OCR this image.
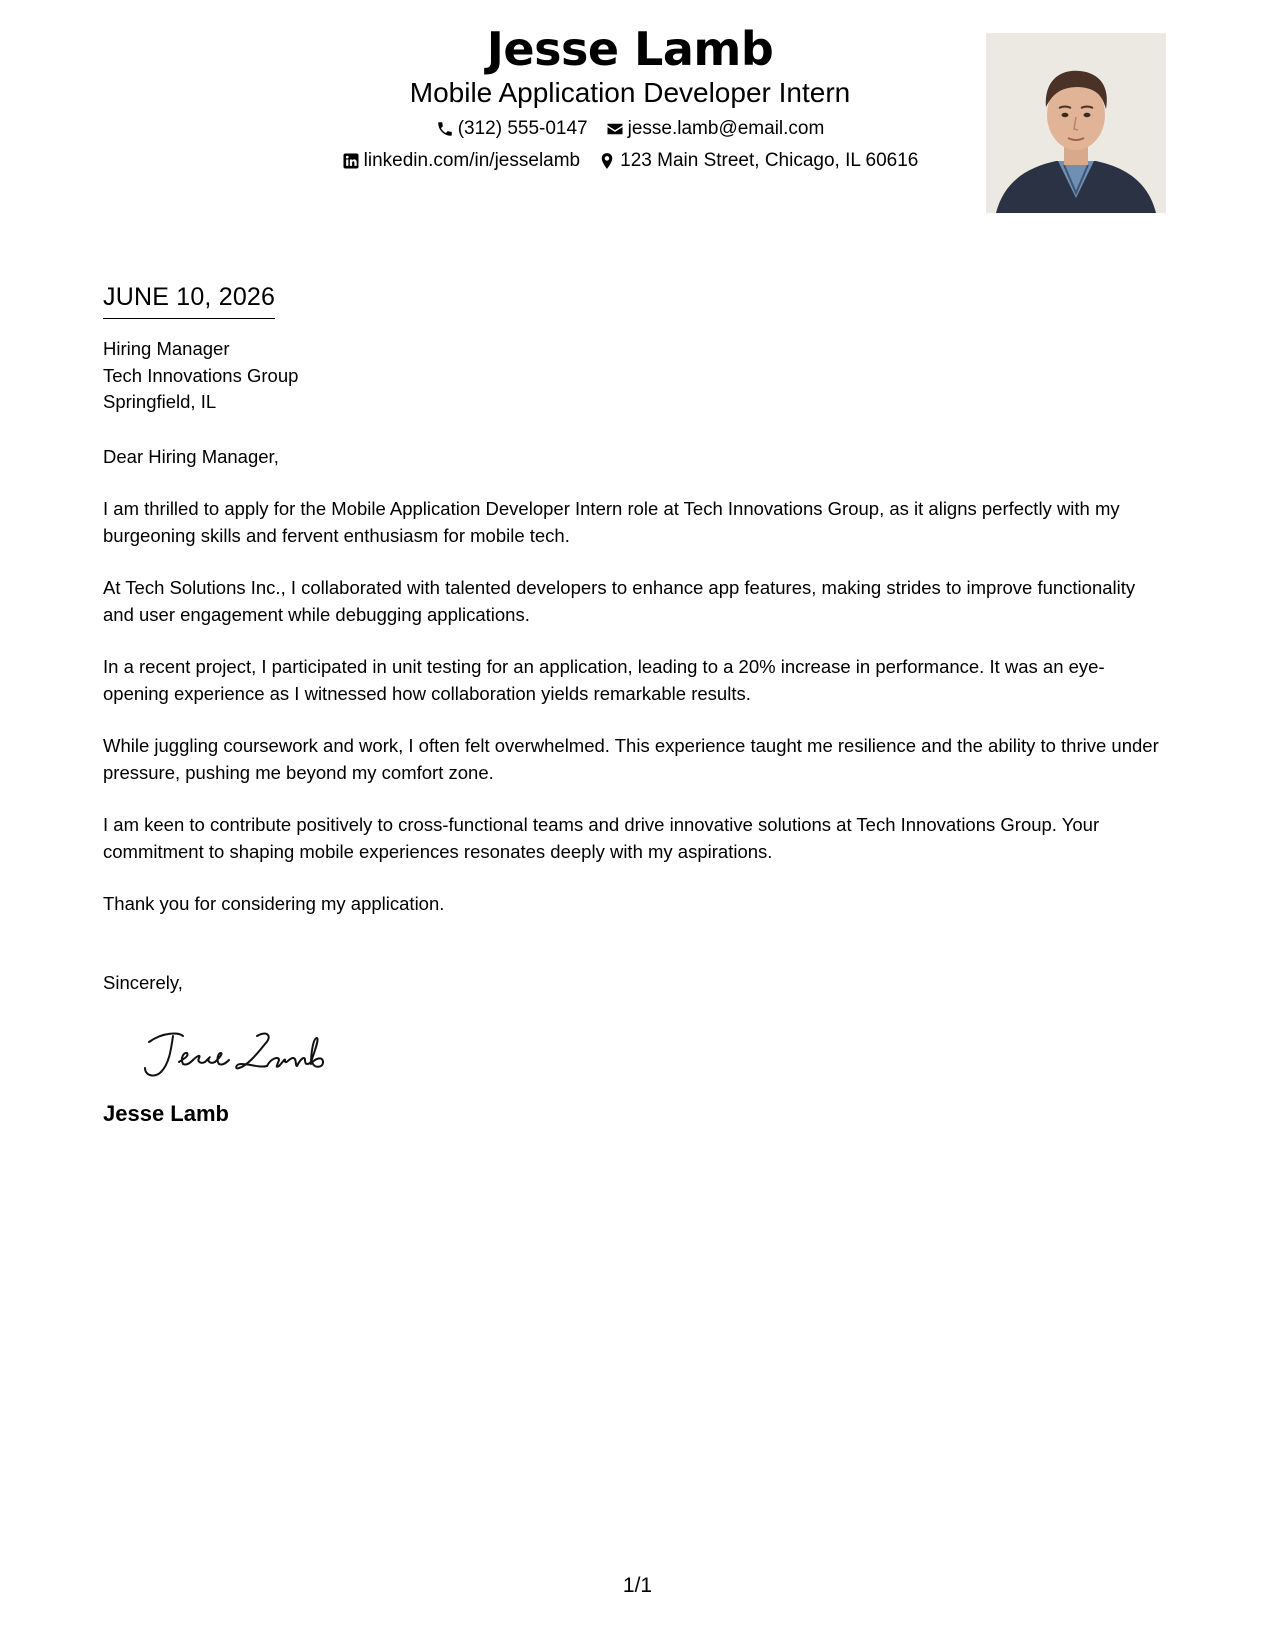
Jesse Lamb
Mobile Application Developer Intern
(312) 555-0147 jesse.lamb@email.com
linkedin.com/in/jesselamb 123 Main Street, Chicago, IL 60616
JUNE 10, 2026
Hiring Manager
Tech Innovations Group
Springfield, IL
Dear Hiring Manager,
I am thrilled to apply for the Mobile Application Developer Intern role at Tech Innovations Group, as it aligns perfectly with my burgeoning skills and fervent enthusiasm for mobile tech.
At Tech Solutions Inc., I collaborated with talented developers to enhance app features, making strides to improve functionality and user engagement while debugging applications.
In a recent project, I participated in unit testing for an application, leading to a 20% increase in performance. It was an eye-opening experience as I witnessed how collaboration yields remarkable results.
While juggling coursework and work, I often felt overwhelmed. This experience taught me resilience and the ability to thrive under pressure, pushing me beyond my comfort zone.
I am keen to contribute positively to cross-functional teams and drive innovative solutions at Tech Innovations Group. Your commitment to shaping mobile experiences resonates deeply with my aspirations.
Thank you for considering my application.
Sincerely,
Jesse Lamb
1/1
